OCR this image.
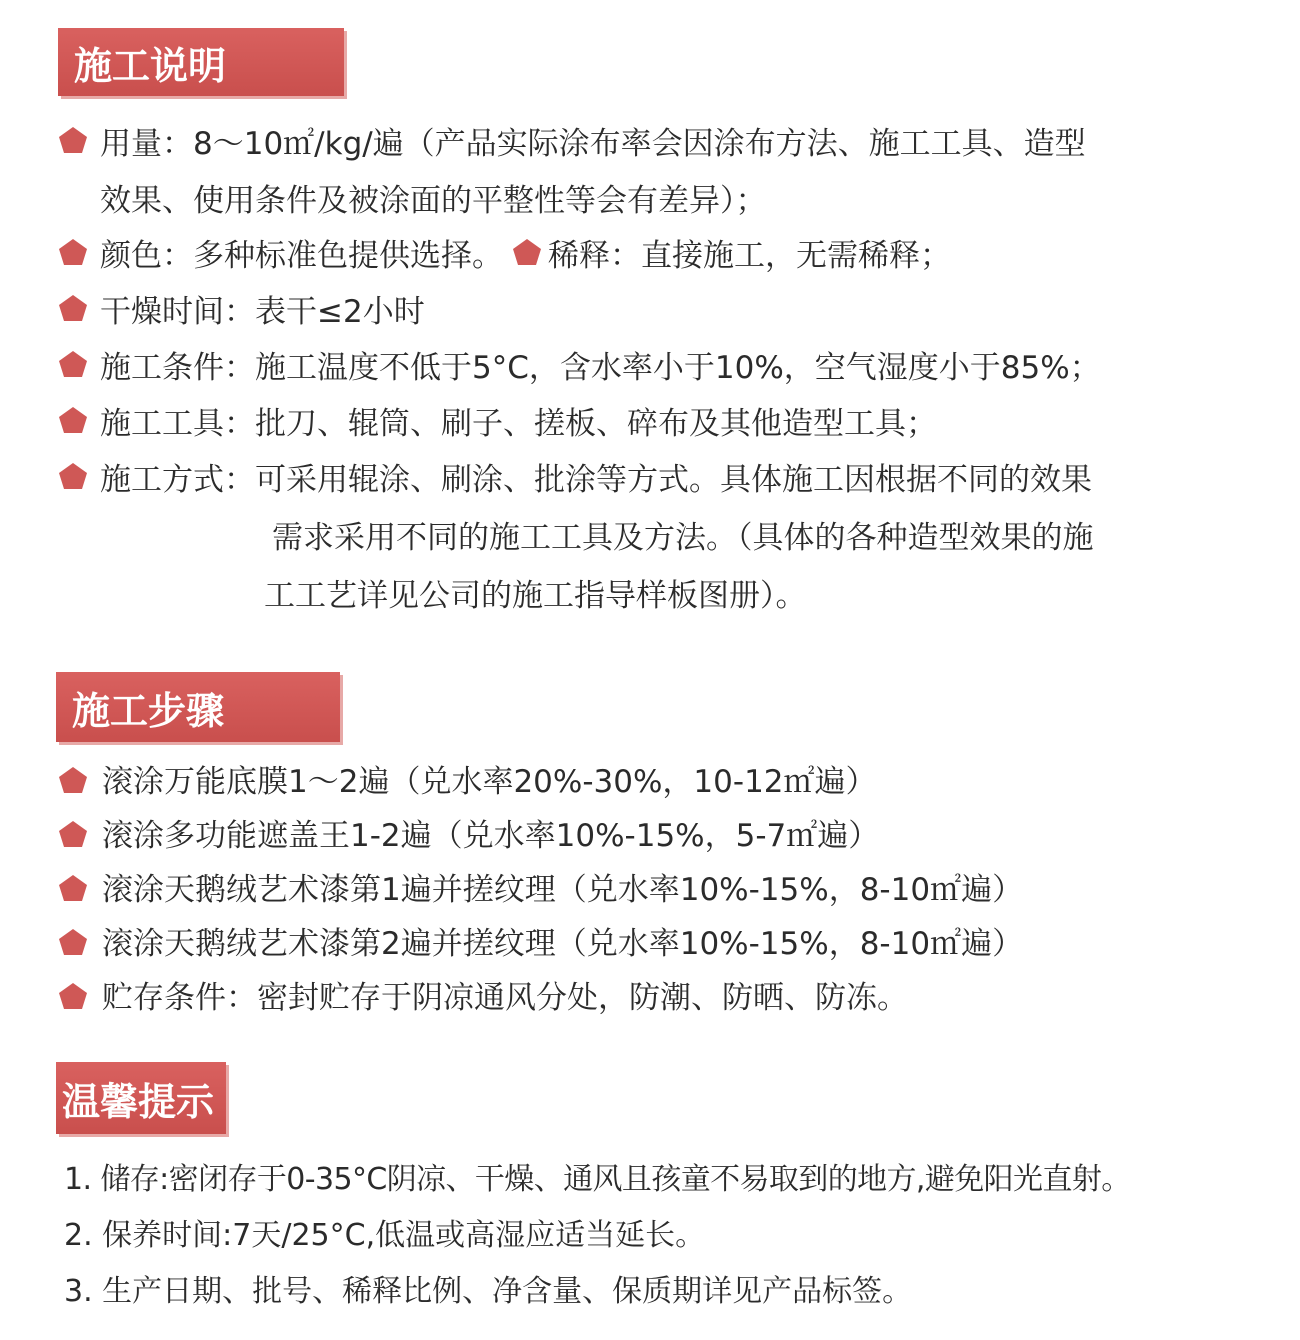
施工说明
用量：8～10㎡/kg/遍（产品实际涂布率会因涂布方法、施工工具、造型
效果、使用条件及被涂面的平整性等会有差异）；
颜色：多种标准色提供选择。 稀释：直接施工，无需稀释；
干燥时间：表干≤2小时
施工条件：施工温度不低于5°C，含水率小于10%，空气湿度小于85%；
施工工具：批刀、辊筒、刷子、搓板、碎布及其他造型工具；
施工方式：可采用辊涂、刷涂、批涂等方式。具体施工因根据不同的效果
需求采用不同的施工工具及方法。（具体的各种造型效果的施
工工艺详见公司的施工指导样板图册）。
施工步骤
滚涂万能底膜1～2遍（兑水率20%-30%，10-12㎡遍）
滚涂多功能遮盖王1-2遍（兑水率10%-15%，5-7㎡遍）
滚涂天鹅绒艺术漆第1遍并搓纹理（兑水率10%-15%，8-10㎡遍）
滚涂天鹅绒艺术漆第2遍并搓纹理（兑水率10%-15%，8-10㎡遍）
贮存条件：密封贮存于阴凉通风分处，防潮、防晒、防冻。
温馨提示
1. 储存:密闭存于0-35°C阴凉、干燥、通风且孩童不易取到的地方,避免阳光直射。
2. 保养时间:7天/25°C,低温或高湿应适当延长。
3. 生产日期、批号、稀释比例、净含量、保质期详见产品标签。
